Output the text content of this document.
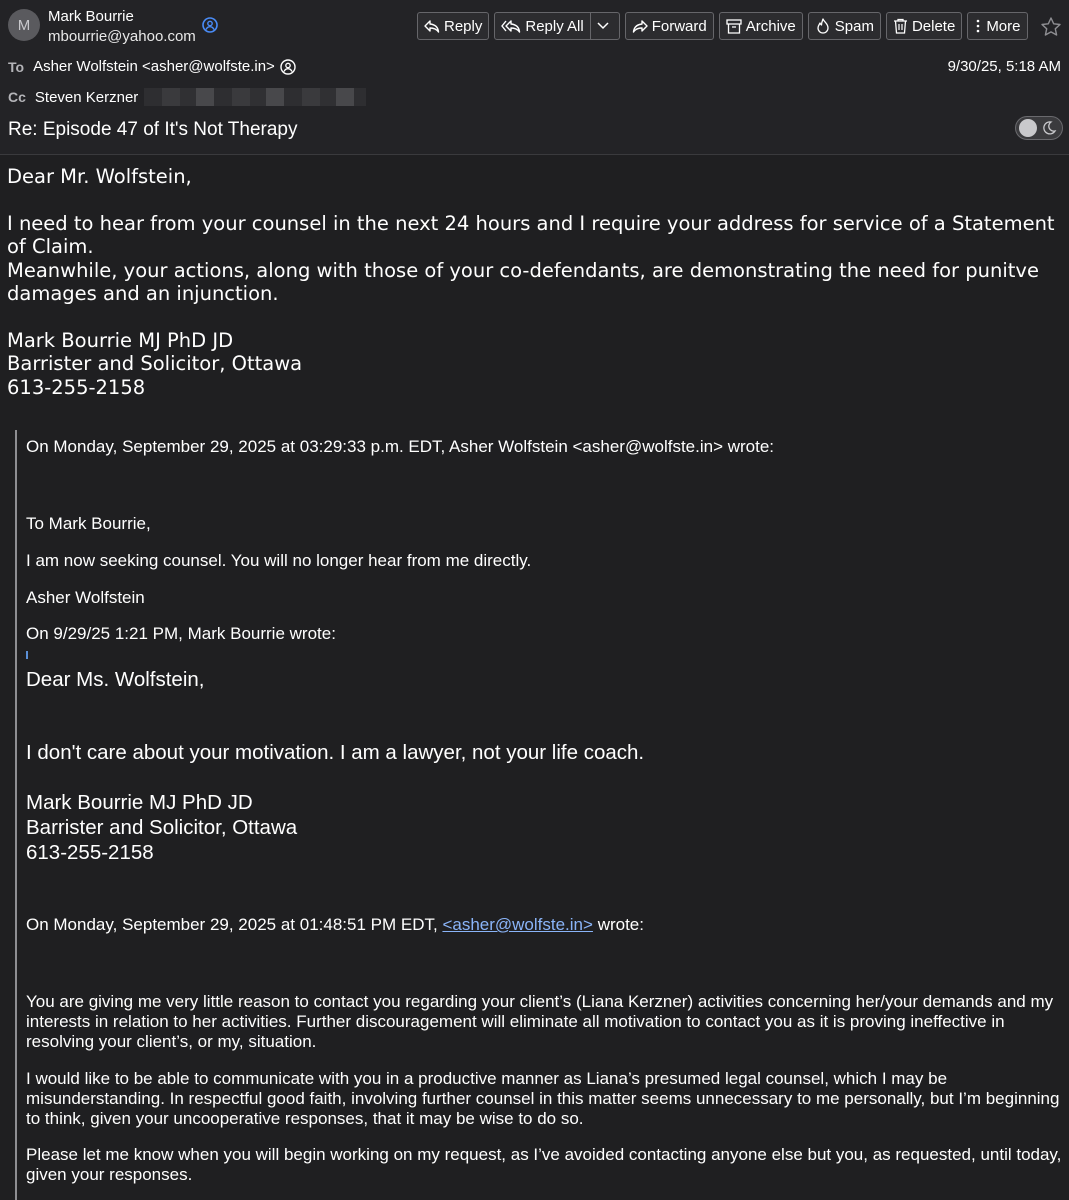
M	Mark Bourrie
mbourrie@yahoo.com
Reply	Reply All	Forward	Archive	Spam	Delete More
To Asher Wolfstein <asher@wolfste.in>	9/30/25, 5:18 AM
Cc Steven Kerzner
Re: Episode 47 of It's Not Therapy

Dear Mr. Wolfstein,

I need to hear from your counsel in the next 24 hours and I require your address for service of a Statement of Claim.

Meanwhile, your actions, along with those of your co-defendants, are demonstrating the need for punitve damages and an injunction.

Mark Bourrie MJ PhD JD

Barrister and Solicitor, Ottawa

613-255-2158

On Monday, September 29, 2025 at 03:29:33 p.m. EDT, Asher Wolfstein <asher@wolfste.in> wrote:
To Mark Bourrie,
I am now seeking counsel. You will no longer hear from me directly.
Asher Wolfstein
On 9/29/25 1:21 PM, Mark Bourrie wrote:
Dear Ms. Wolfstein,
I don't care about your motivation. I am a lawyer, not your life coach.
Mark Bourrie MJ PhD JD
Barrister and Solicitor, Ottawa
613-255-2158
On Monday, September 29, 2025 at 01:48:51 PM EDT, <asher@wolfste.in> wrote:
You are giving me very little reason to contact you regarding your client’s (Liana Kerzner) activities concerning her/your demands and my interests in relation to her activities. Further discouragement will eliminate all motivation to contact you as it is proving ineffective in resolving your client’s, or my, situation.
I would like to be able to communicate with you in a productive manner as Liana’s presumed legal counsel, which I may be misunderstanding. In respectful good faith, involving further counsel in this matter seems unnecessary to me personally, but I’m beginning to think, given your uncooperative responses, that it may be wise to do so.
Please let me know when you will begin working on my request, as I’ve avoided contacting anyone else but you, as requested, until today, given your responses.
